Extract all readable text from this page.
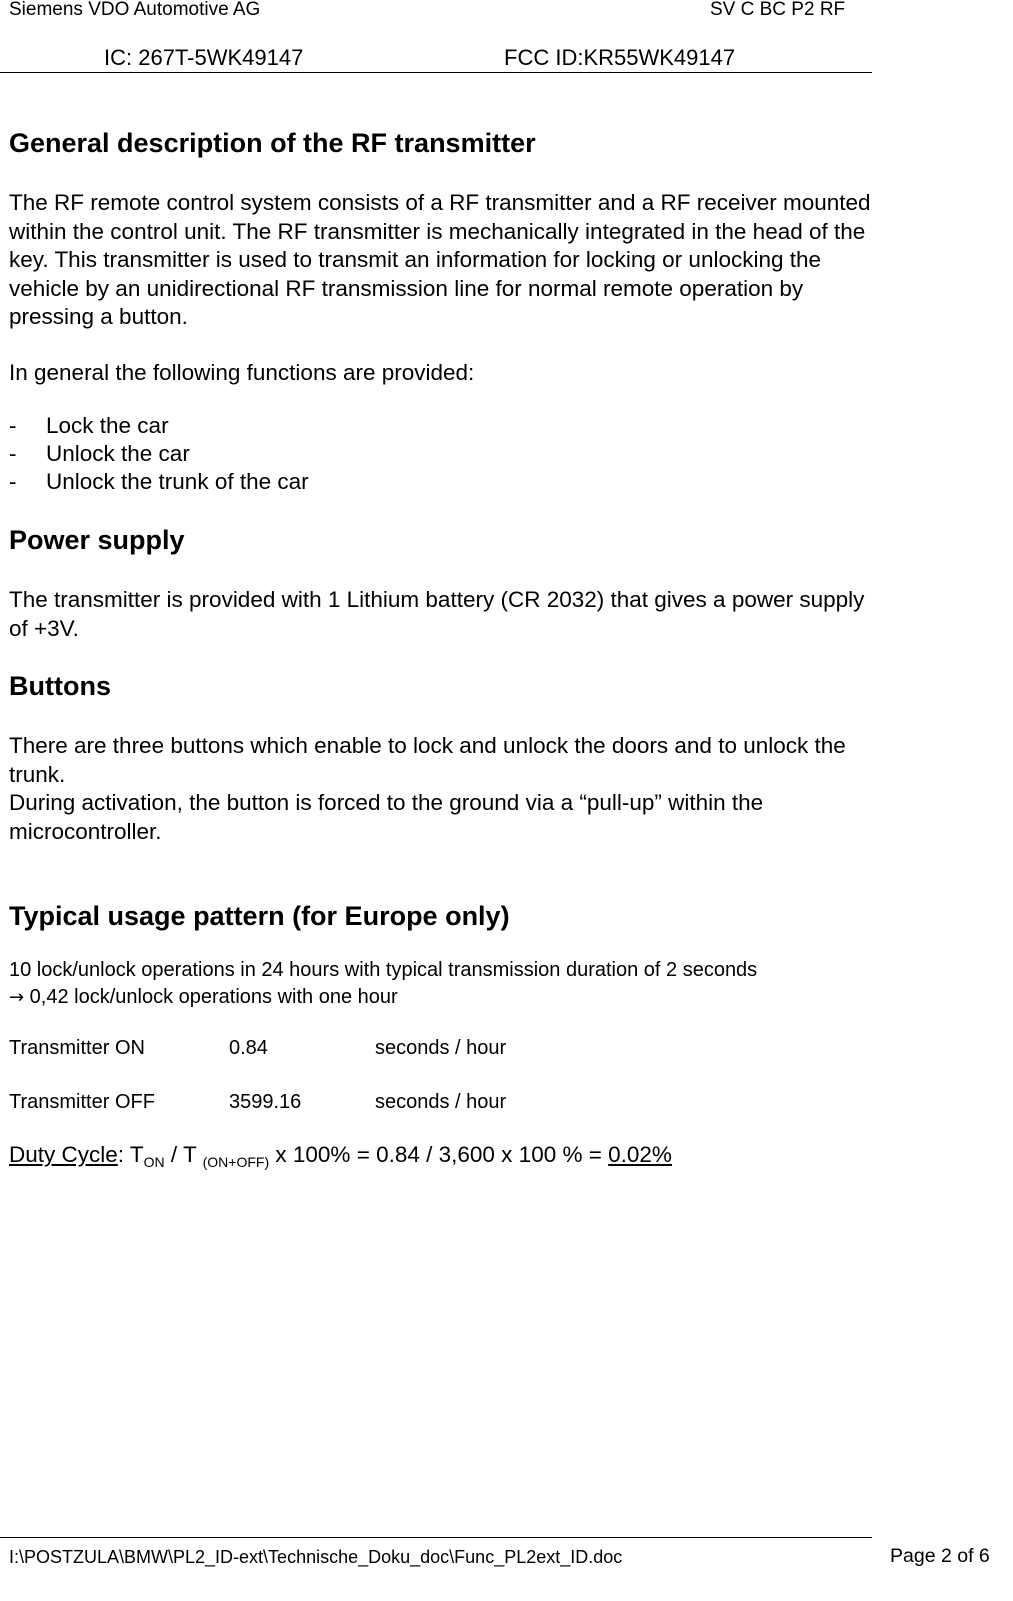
Siemens VDO Automotive AG	SV C BC P2 RF
IC: 267T-5WK49147	FCC ID:KR55WK49147
General description of the RF transmitter
The RF remote control system consists of a RF transmitter and a RF receiver mounted within the control unit. The RF transmitter is mechanically integrated in the head of the key. This transmitter is used to transmit an information for locking or unlocking the vehicle by an unidirectional RF transmission line for normal remote operation by pressing a button.
In general the following functions are provided:
- Lock the car
- Unlock the car
- Unlock the trunk of the car
Power supply
The transmitter is provided with 1 Lithium battery (CR 2032) that gives a power supply of +3V.
Buttons
There are three buttons which enable to lock and unlock the doors and to unlock the trunk.
During activation, the button is forced to the ground via a “pull-up” within the microcontroller.
Typical usage pattern (for Europe only)
10 lock/unlock operations in 24 hours with typical transmission duration of 2 seconds
→ 0,42 lock/unlock operations with one hour
Transmitter ON	0.84	seconds / hour
Transmitter OFF	3599.16	seconds / hour
Duty Cycle: $T_{ON}$ / T $_{(ON+OFF)}$ x 100% = 0.84 / 3,600 x 100 % = 0.02%
I:\POSTZULA\BMW\PL2_ID-ext\Technische_Doku_doc\Func_PL2ext_ID.doc	Page 2 of 6
